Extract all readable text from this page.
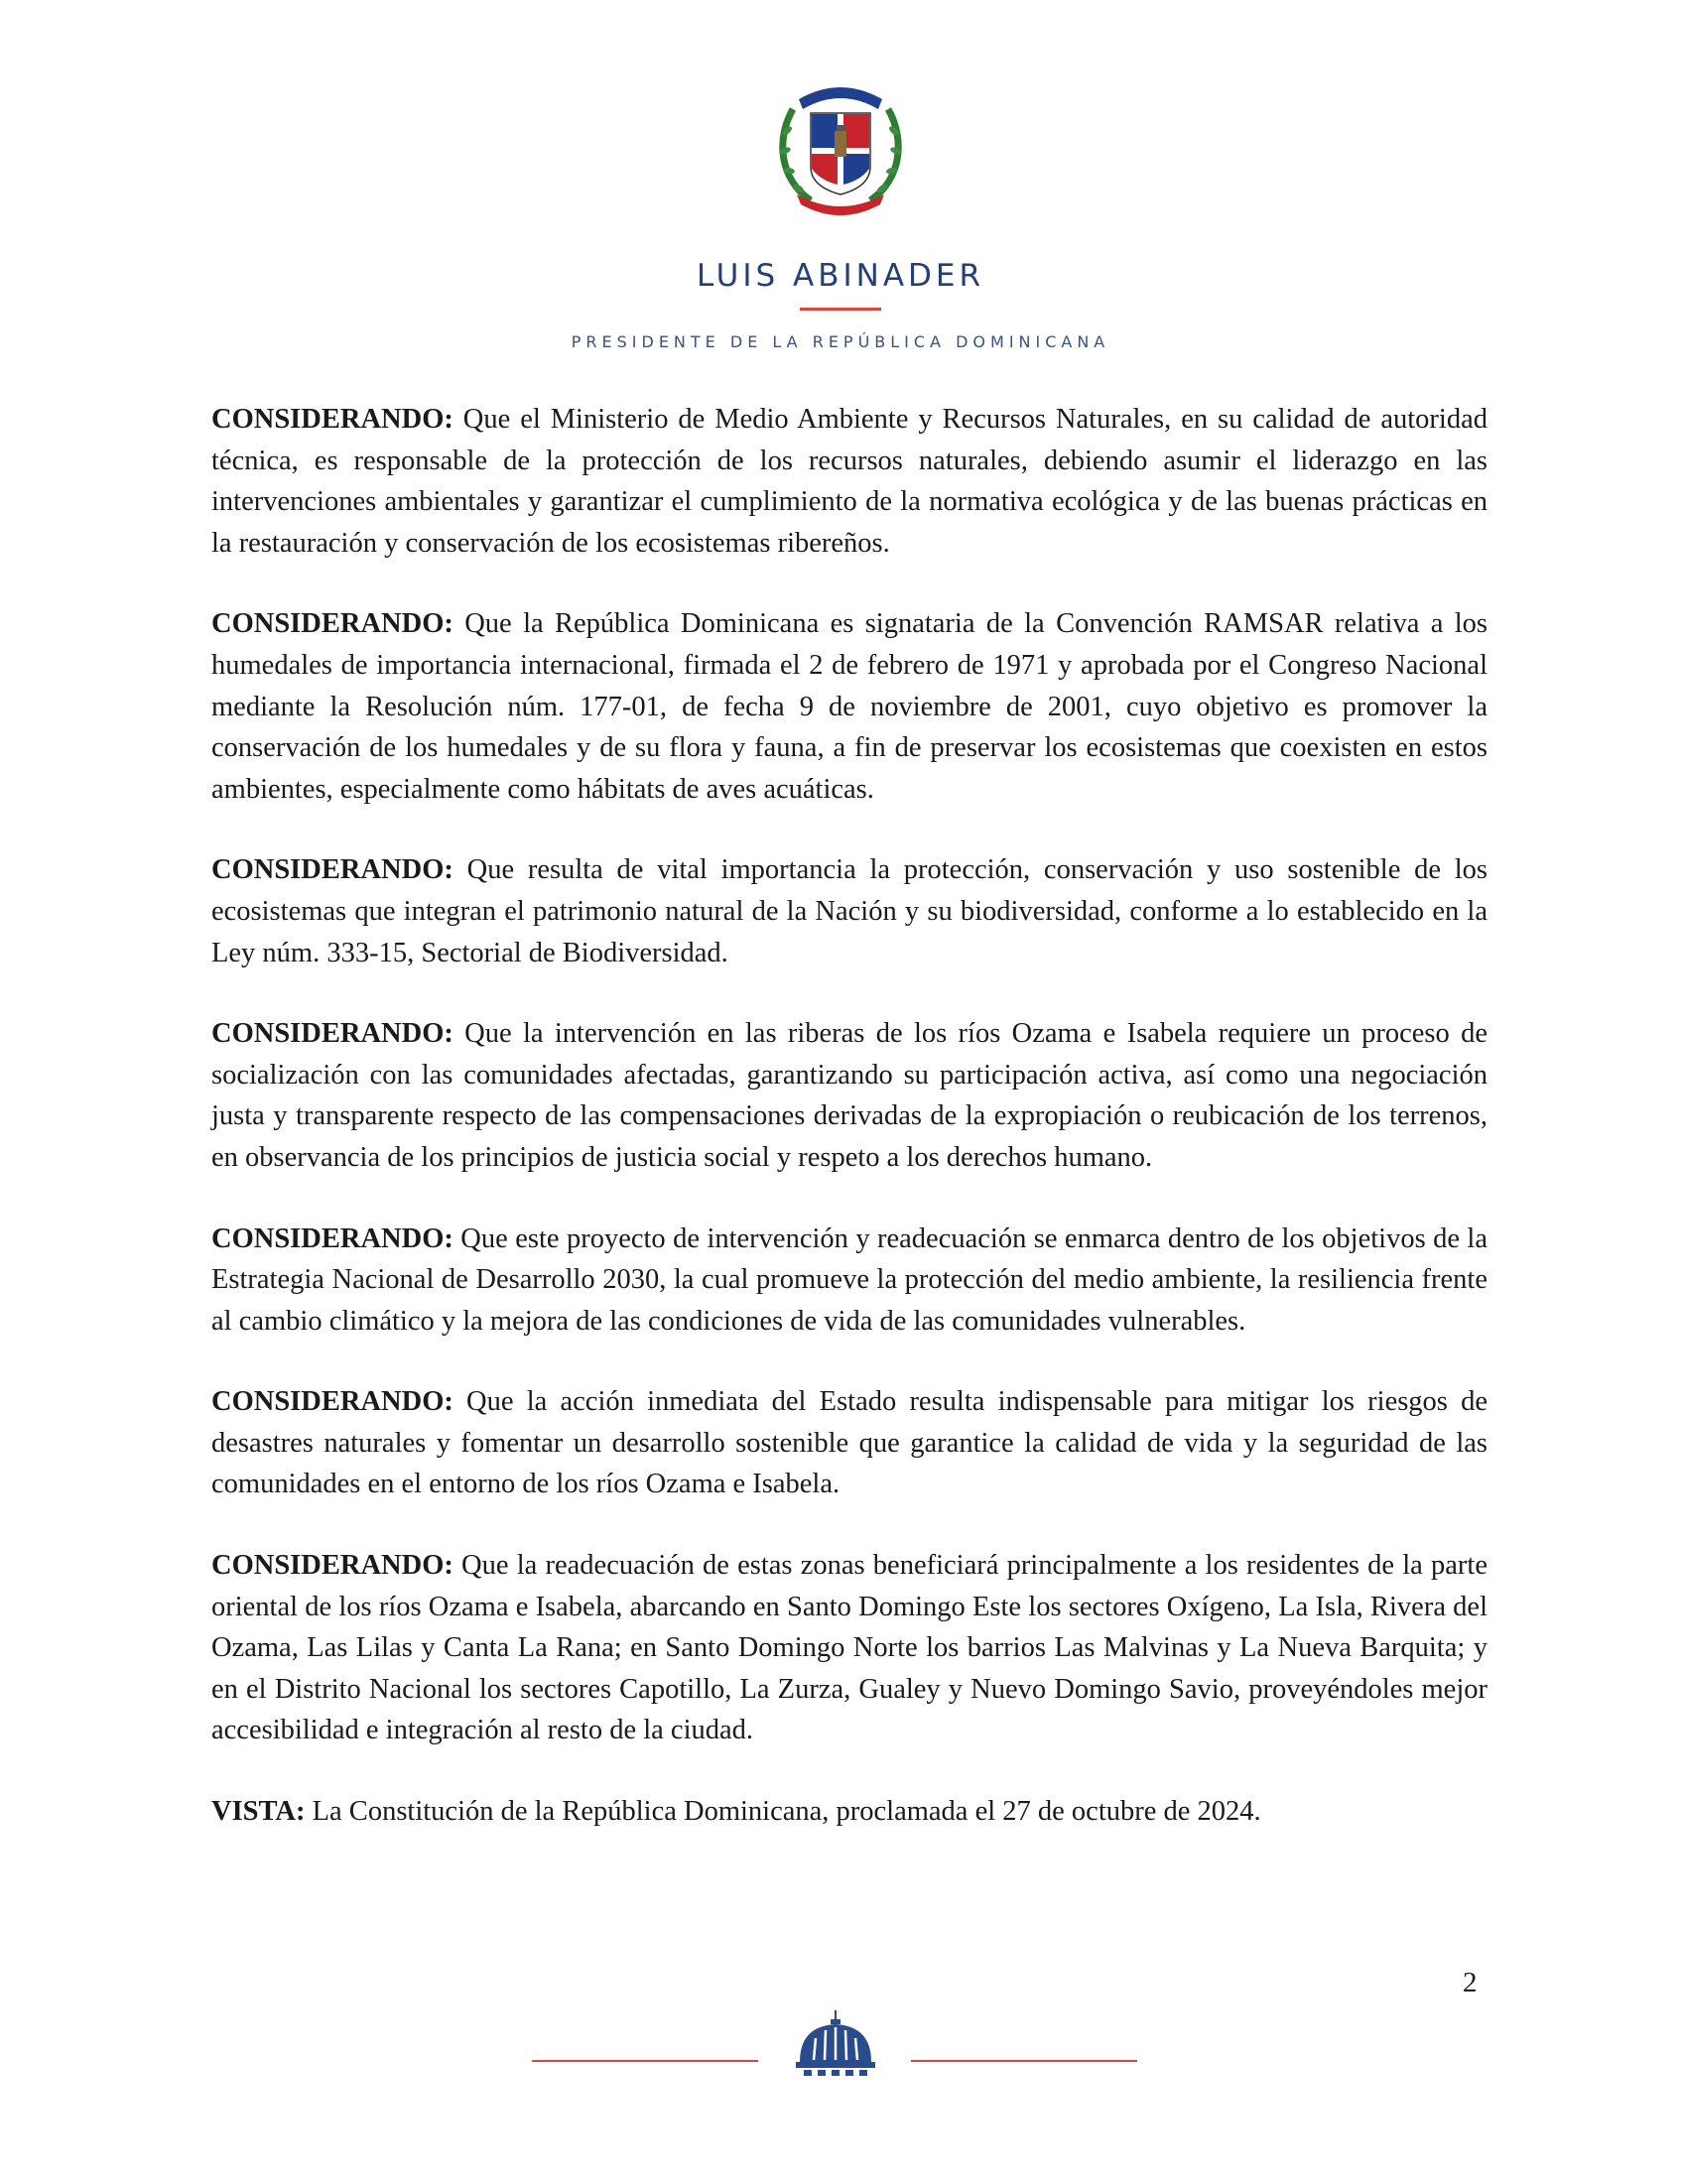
LUIS ABINADER
PRESIDENTE DE LA REPÚBLICA DOMINICANA

CONSIDERANDO: Que el Ministerio de Medio Ambiente y Recursos Naturales, en su calidad de autoridad técnica, es responsable de la protección de los recursos naturales, debiendo asumir el liderazgo en las intervenciones ambientales y garantizar el cumplimiento de la normativa ecológica y de las buenas prácticas en la restauración y conservación de los ecosistemas ribereños.

CONSIDERANDO: Que la República Dominicana es signataria de la Convención RAMSAR relativa a los humedales de importancia internacional, firmada el 2 de febrero de 1971 y aprobada por el Congreso Nacional mediante la Resolución núm. 177-01, de fecha 9 de noviembre de 2001, cuyo objetivo es promover la conservación de los humedales y de su flora y fauna, a fin de preservar los ecosistemas que coexisten en estos ambientes, especialmente como hábitats de aves acuáticas.

CONSIDERANDO: Que resulta de vital importancia la protección, conservación y uso sostenible de los ecosistemas que integran el patrimonio natural de la Nación y su biodiversidad, conforme a lo establecido en la Ley núm. 333-15, Sectorial de Biodiversidad.

CONSIDERANDO: Que la intervención en las riberas de los ríos Ozama e Isabela requiere un proceso de socialización con las comunidades afectadas, garantizando su participación activa, así como una negociación justa y transparente respecto de las compensaciones derivadas de la expropiación o reubicación de los terrenos, en observancia de los principios de justicia social y respeto a los derechos humano.

CONSIDERANDO: Que este proyecto de intervención y readecuación se enmarca dentro de los objetivos de la Estrategia Nacional de Desarrollo 2030, la cual promueve la protección del medio ambiente, la resiliencia frente al cambio climático y la mejora de las condiciones de vida de las comunidades vulnerables.

CONSIDERANDO: Que la acción inmediata del Estado resulta indispensable para mitigar los riesgos de desastres naturales y fomentar un desarrollo sostenible que garantice la calidad de vida y la seguridad de las comunidades en el entorno de los ríos Ozama e Isabela.

CONSIDERANDO: Que la readecuación de estas zonas beneficiará principalmente a los residentes de la parte oriental de los ríos Ozama e Isabela, abarcando en Santo Domingo Este los sectores Oxígeno, La Isla, Rivera del Ozama, Las Lilas y Canta La Rana; en Santo Domingo Norte los barrios Las Malvinas y La Nueva Barquita; y en el Distrito Nacional los sectores Capotillo, La Zurza, Gualey y Nuevo Domingo Savio, proveyéndoles mejor accesibilidad e integración al resto de la ciudad.

VISTA: La Constitución de la República Dominicana, proclamada el 27 de octubre de 2024.

2
